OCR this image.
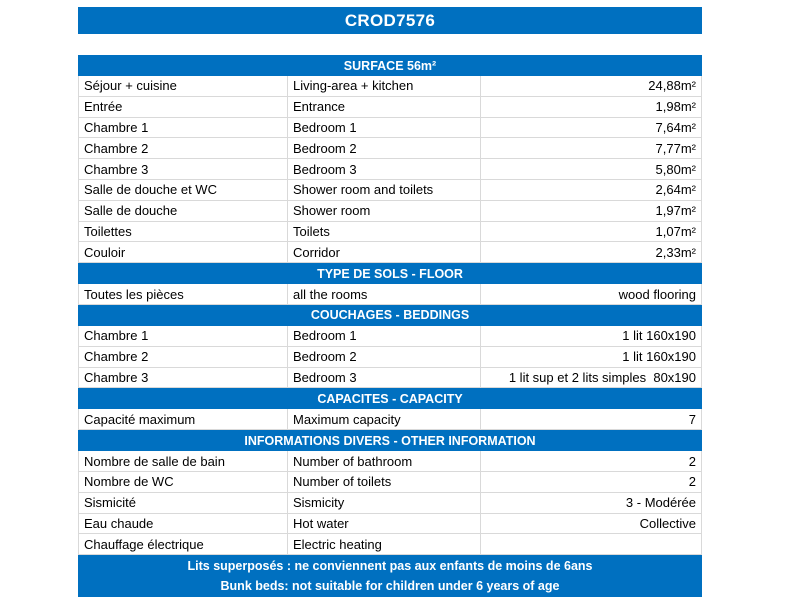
CROD7576
SURFACE 56m²
Séjour + cuisine	Living-area + kitchen	24,88m²
Entrée	Entrance	1,98m²
Chambre 1	Bedroom 1	7,64m²
Chambre 2	Bedroom 2	7,77m²
Chambre 3	Bedroom 3	5,80m²
Salle de douche et WC	Shower room and toilets	2,64m²
Salle de douche	Shower room	1,97m²
Toilettes	Toilets	1,07m²
Couloir	Corridor	2,33m²
TYPE DE SOLS - FLOOR
Toutes les pièces	all the rooms	wood flooring
COUCHAGES - BEDDINGS
Chambre 1	Bedroom 1	1 lit 160x190
Chambre 2	Bedroom 2	1 lit 160x190
Chambre 3	Bedroom 3	1 lit sup et 2 lits simples  80x190
CAPACITES - CAPACITY
Capacité maximum	Maximum capacity	7
INFORMATIONS DIVERS - OTHER INFORMATION
Nombre de salle de bain	Number of bathroom	2
Nombre de WC	Number of toilets	2
Sismicité	Sismicity	3 - Modérée
Eau chaude	Hot water	Collective
Chauffage électrique	Electric heating
Lits superposés : ne conviennent pas aux enfants de moins de 6ans
Bunk beds: not suitable for children under 6 years of age
